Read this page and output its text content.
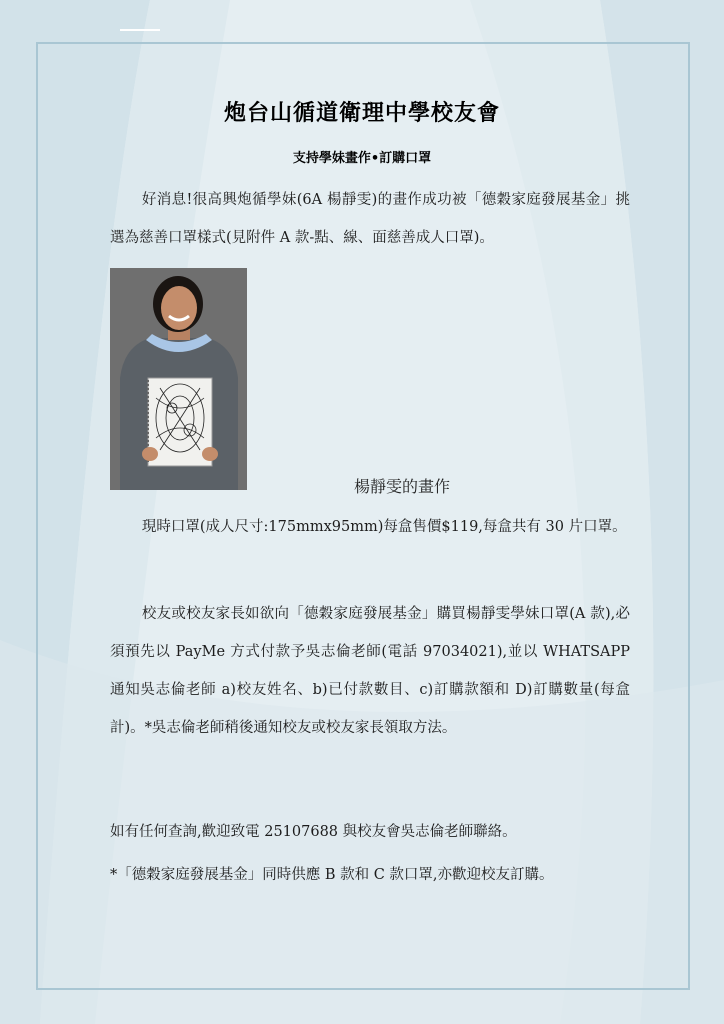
炮台山循道衛理中學校友會
支持學妹畫作•訂購口罩

好消息!很高興炮循學妹(6A 楊靜雯)的畫作成功被「德穀家庭發展基金」挑選為慈善口罩樣式(見附件 A 款-點、線、面慈善成人口罩)。

楊靜雯的畫作

現時口罩(成人尺寸:175mmx95mm)每盒售價$119,每盒共有 30 片口罩。

校友或校友家長如欲向「德穀家庭發展基金」購買楊靜雯學妹口罩(A 款),必須預先以 PayMe 方式付款予吳志倫老師(電話 97034021),並以 WHATSAPP 通知吳志倫老師 a)校友姓名、b)已付款數目、c)訂購款額和 D)訂購數量(每盒計)。*吳志倫老師稍後通知校友或校友家長領取方法。

如有任何查詢,歡迎致電 25107688 與校友會吳志倫老師聯絡。

*「德穀家庭發展基金」同時供應 B 款和 C 款口罩,亦歡迎校友訂購。
